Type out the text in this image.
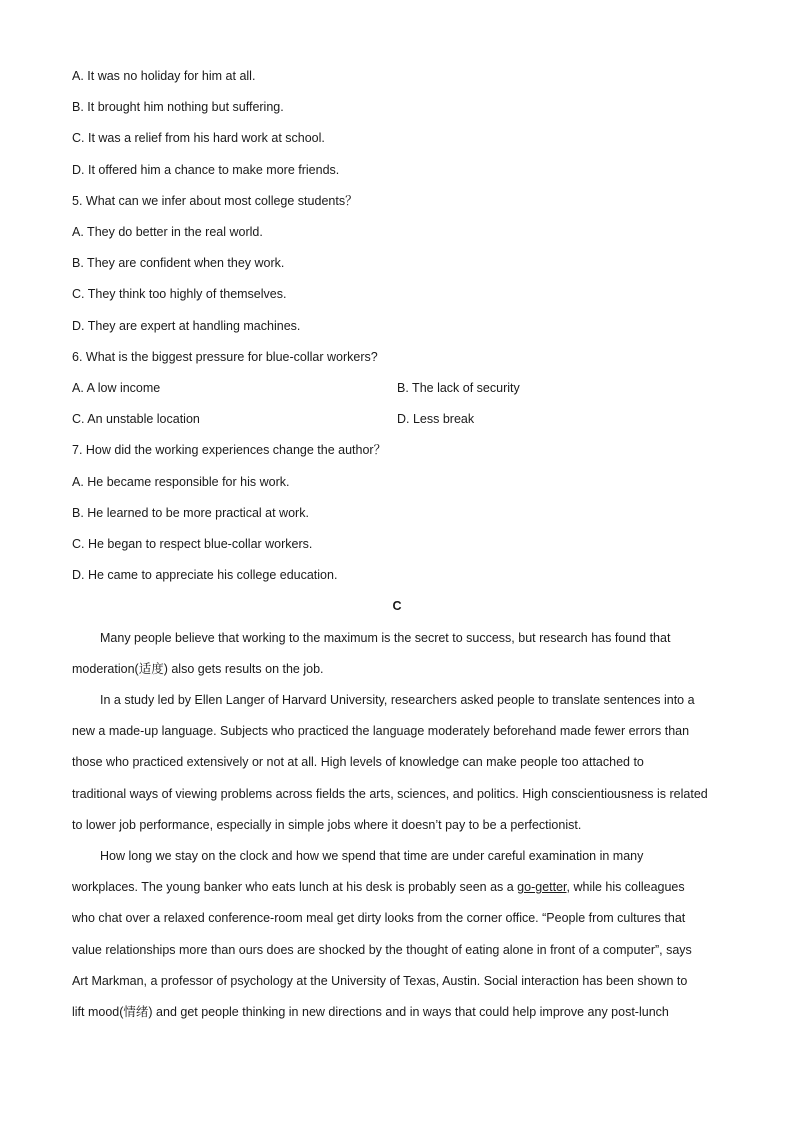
A. It was no holiday for him at all.
B. It brought him nothing but suffering.
C. It was a relief from his hard work at school.
D. It offered him a chance to make more friends.
5. What can we infer about most college students？
A. They do better in the real world.
B. They are confident when they work.
C. They think too highly of themselves.
D. They are expert at handling machines.
6. What is the biggest pressure for blue-collar workers?
A. A low income	B. The lack of security
C. An unstable location	D. Less break
7. How did the working experiences change the author？
A. He became responsible for his work.
B. He learned to be more practical at work.
C. He began to respect blue-collar workers.
D. He came to appreciate his college education.
C
Many people believe that working to the maximum is the secret to success, but research has found that
moderation(适度) also gets results on the job.
In a study led by Ellen Langer of Harvard University, researchers asked people to translate sentences into a
new a made-up language. Subjects who practiced the language moderately beforehand made fewer errors than
those who practiced extensively or not at all. High levels of knowledge can make people too attached to
traditional ways of viewing problems across fields the arts, sciences, and politics. High conscientiousness is related
to lower job performance, especially in simple jobs where it doesn’t pay to be a perfectionist.
How long we stay on the clock and how we spend that time are under careful examination in many
workplaces. The young banker who eats lunch at his desk is probably seen as a go-getter, while his colleagues
who chat over a relaxed conference-room meal get dirty looks from the corner office. “People from cultures that
value relationships more than ours does are shocked by the thought of eating alone in front of a computer”, says
Art Markman, a professor of psychology at the University of Texas, Austin. Social interaction has been shown to
lift mood(情绪) and get people thinking in new directions and in ways that could help improve any post-lunch
